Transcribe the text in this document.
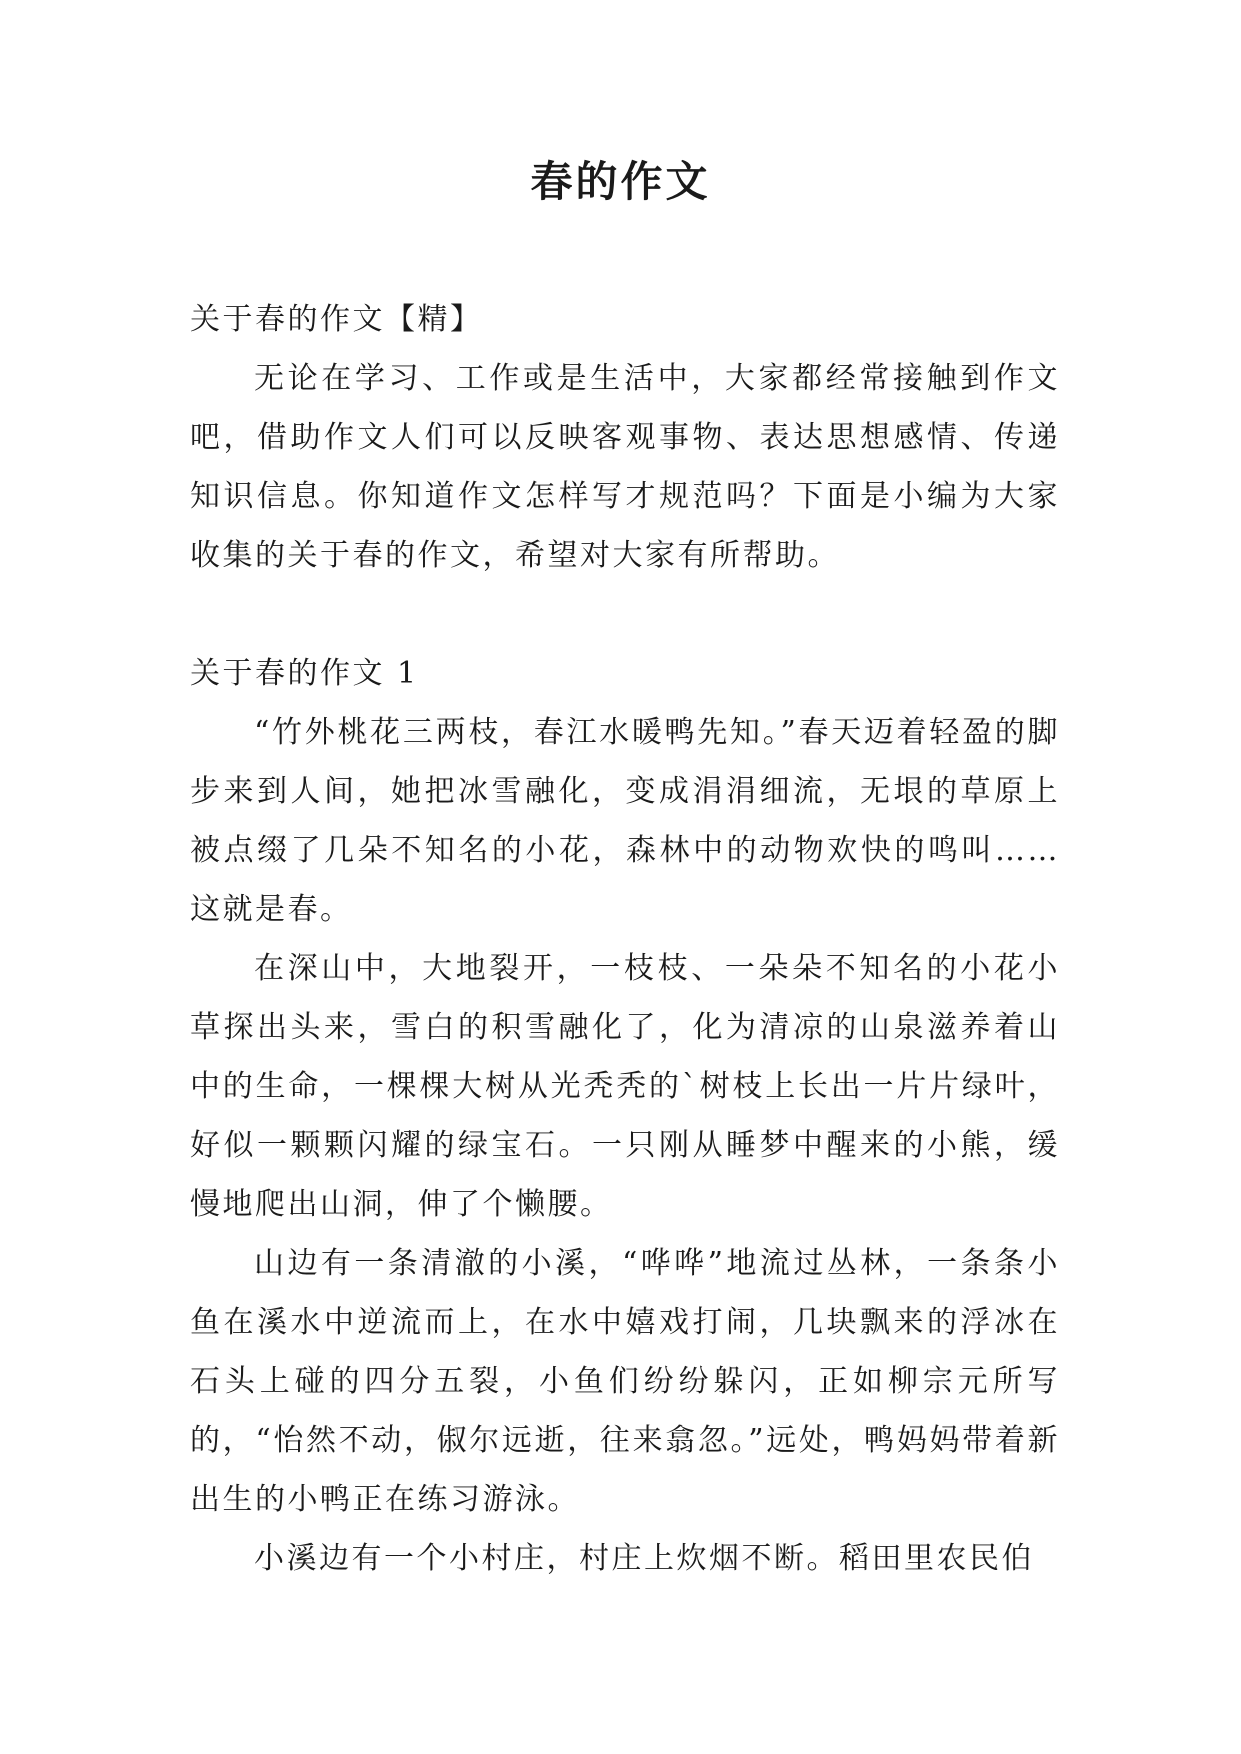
春的作文

关于春的作文【精】

无论在学习、工作或是生活中，大家都经常接触到作文吧，借助作文人们可以反映客观事物、表达思想感情、传递知识信息。你知道作文怎样写才规范吗？下面是小编为大家收集的关于春的作文，希望对大家有所帮助。

关于春的作文 1

“竹外桃花三两枝，春江水暖鸭先知。”春天迈着轻盈的脚步来到人间，她把冰雪融化，变成涓涓细流，无垠的草原上被点缀了几朵不知名的小花，森林中的动物欢快的鸣叫……这就是春。

在深山中，大地裂开，一枝枝、一朵朵不知名的小花小草探出头来，雪白的积雪融化了，化为清凉的山泉滋养着山中的生命，一棵棵大树从光秃秃的`树枝上长出一片片绿叶，好似一颗颗闪耀的绿宝石。一只刚从睡梦中醒来的小熊，缓慢地爬出山洞，伸了个懒腰。

山边有一条清澈的小溪，“哗哗”地流过丛林，一条条小鱼在溪水中逆流而上，在水中嬉戏打闹，几块飘来的浮冰在石头上碰的四分五裂，小鱼们纷纷躲闪，正如柳宗元所写的，“怡然不动，俶尔远逝，往来翕忽。”远处，鸭妈妈带着新出生的小鸭正在练习游泳。

小溪边有一个小村庄，村庄上炊烟不断。稻田里农民伯
